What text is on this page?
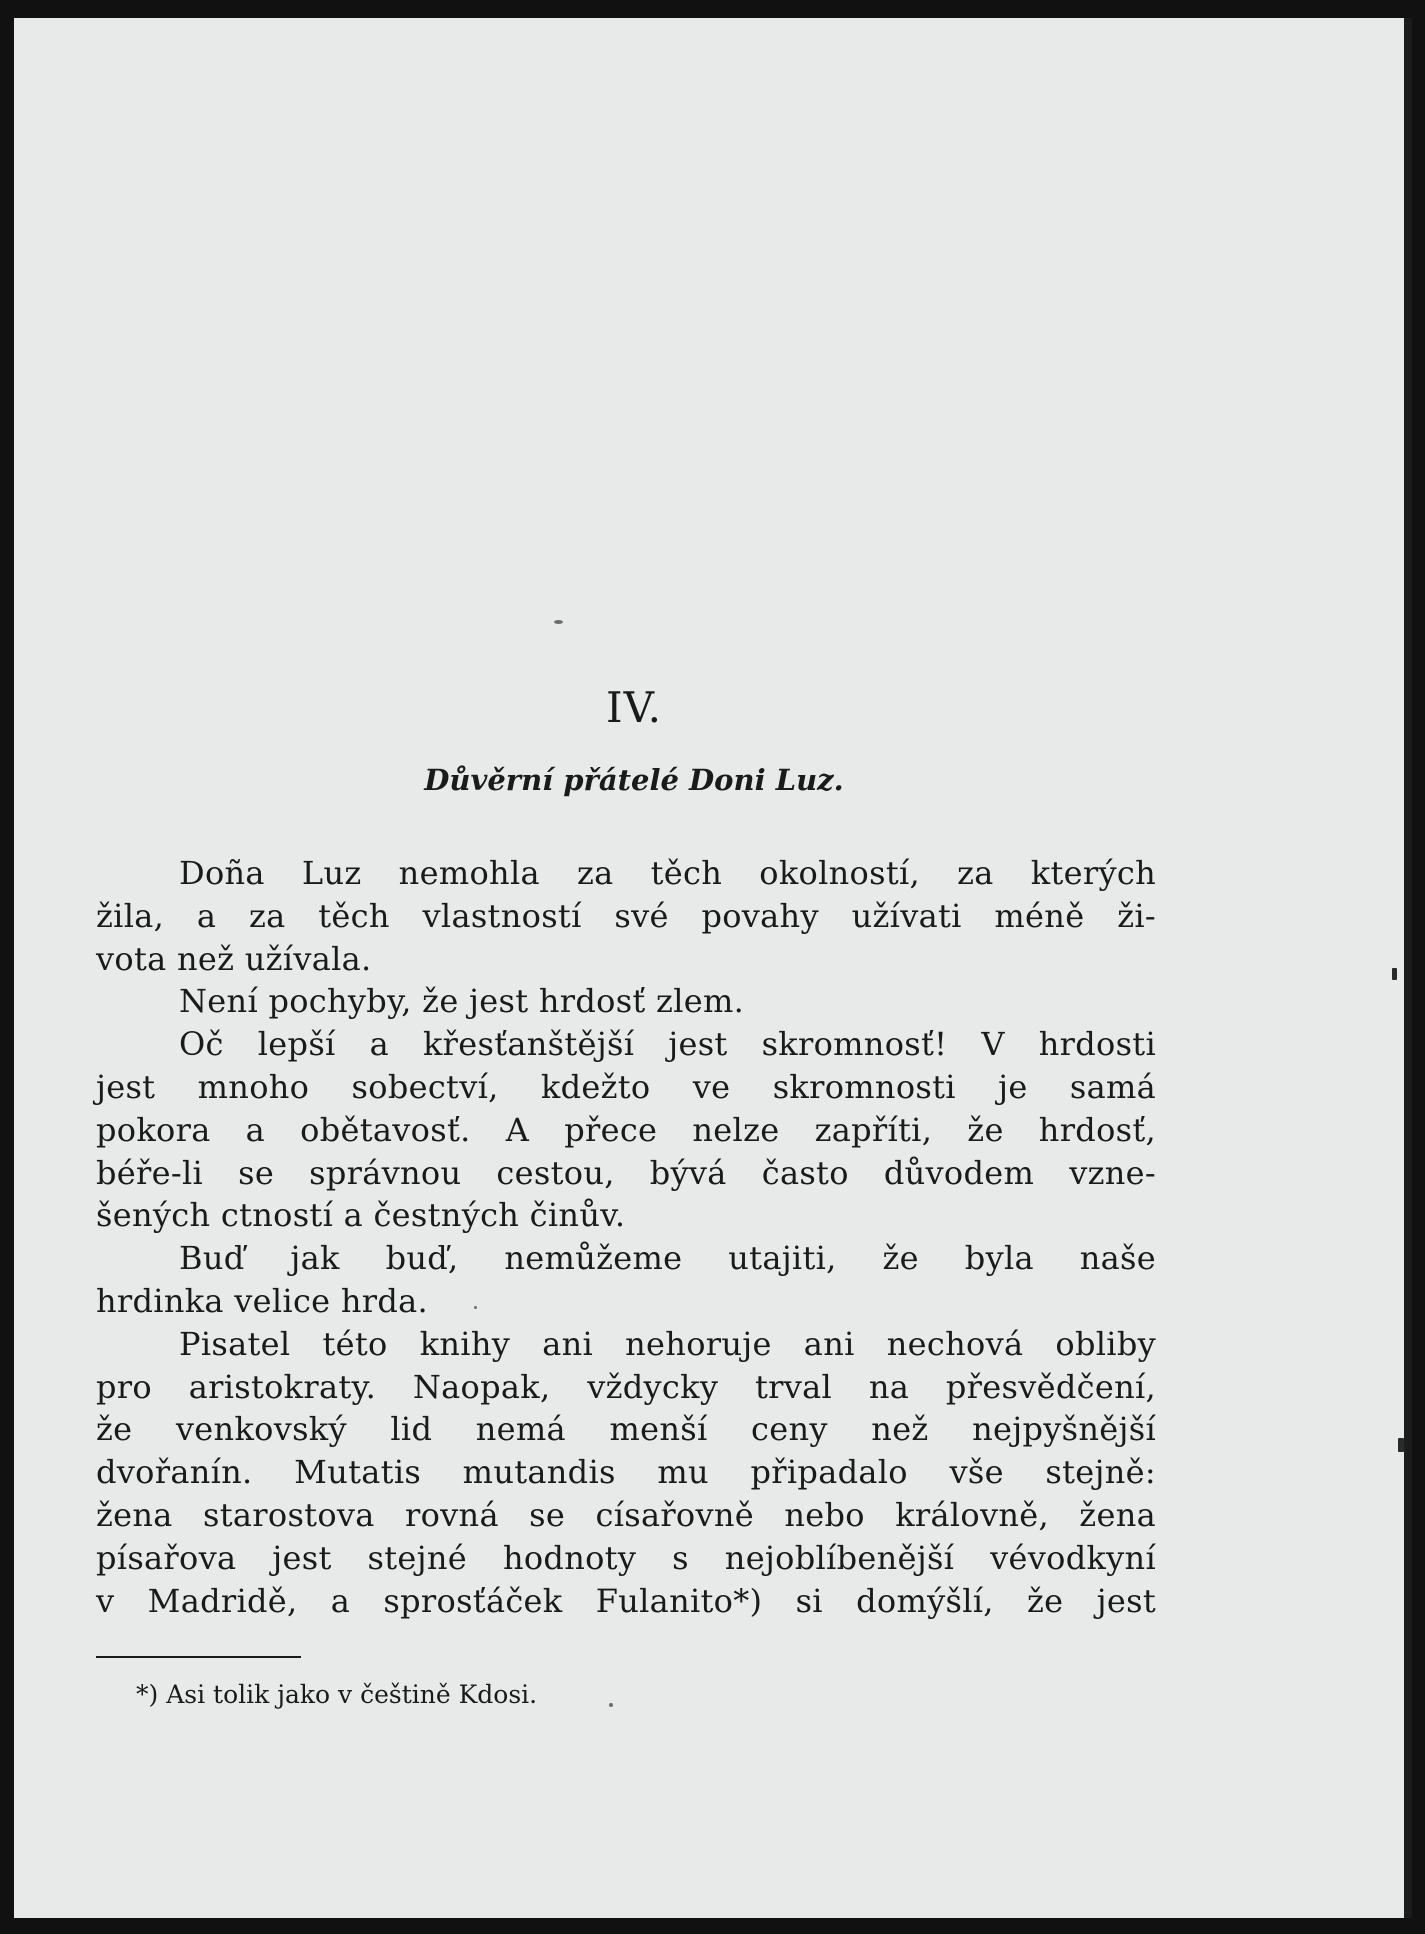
IV.
Důvěrní přátelé Doni Luz.
Doña Luz nemohla za těch okolností, za kterých
žila, a za těch vlastností své povahy užívati méně ži-
vota než užívala.
Není pochyby, že jest hrdosť zlem.
Oč lepší a křesťanštější jest skromnosť! V hrdosti
jest mnoho sobectví, kdežto ve skromnosti je samá
pokora a obětavosť. A přece nelze zapříti, že hrdosť,
béře-li se správnou cestou, bývá často důvodem vzne-
šených ctností a čestných činův.
Buď jak buď, nemůžeme utajiti, že byla naše
hrdinka velice hrda.
Pisatel této knihy ani nehoruje ani nechová obliby
pro aristokraty. Naopak, vždycky trval na přesvědčení,
že venkovský lid nemá menší ceny než nejpyšnější
dvořanín. Mutatis mutandis mu připadalo vše stejně:
žena starostova rovná se císařovně nebo královně, žena
písařova jest stejné hodnoty s nejoblíbenější vévodkyní
v Madridě, a sprosťáček Fulanito*) si domýšlí, že jest
*) Asi tolik jako v češtině Kdosi.
